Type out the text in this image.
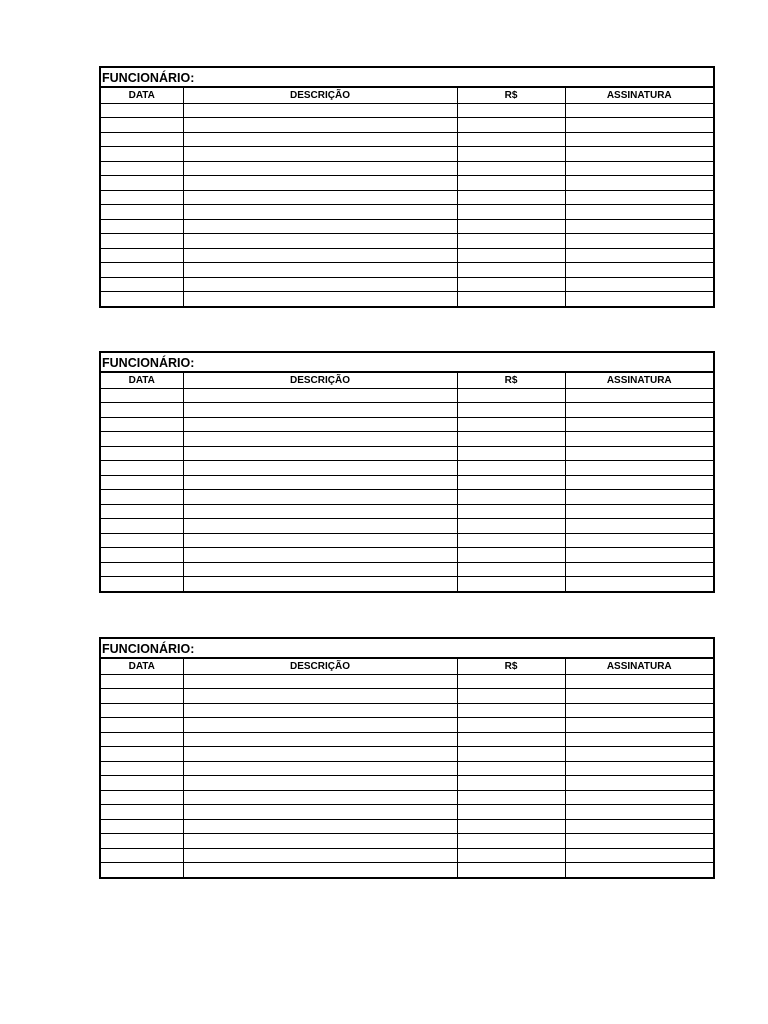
FUNCIONÁRIO:
DATA	DESCRIÇÃO	R$	ASSINATURA

FUNCIONÁRIO:
DATA	DESCRIÇÃO	R$	ASSINATURA

FUNCIONÁRIO:
DATA	DESCRIÇÃO	R$	ASSINATURA
